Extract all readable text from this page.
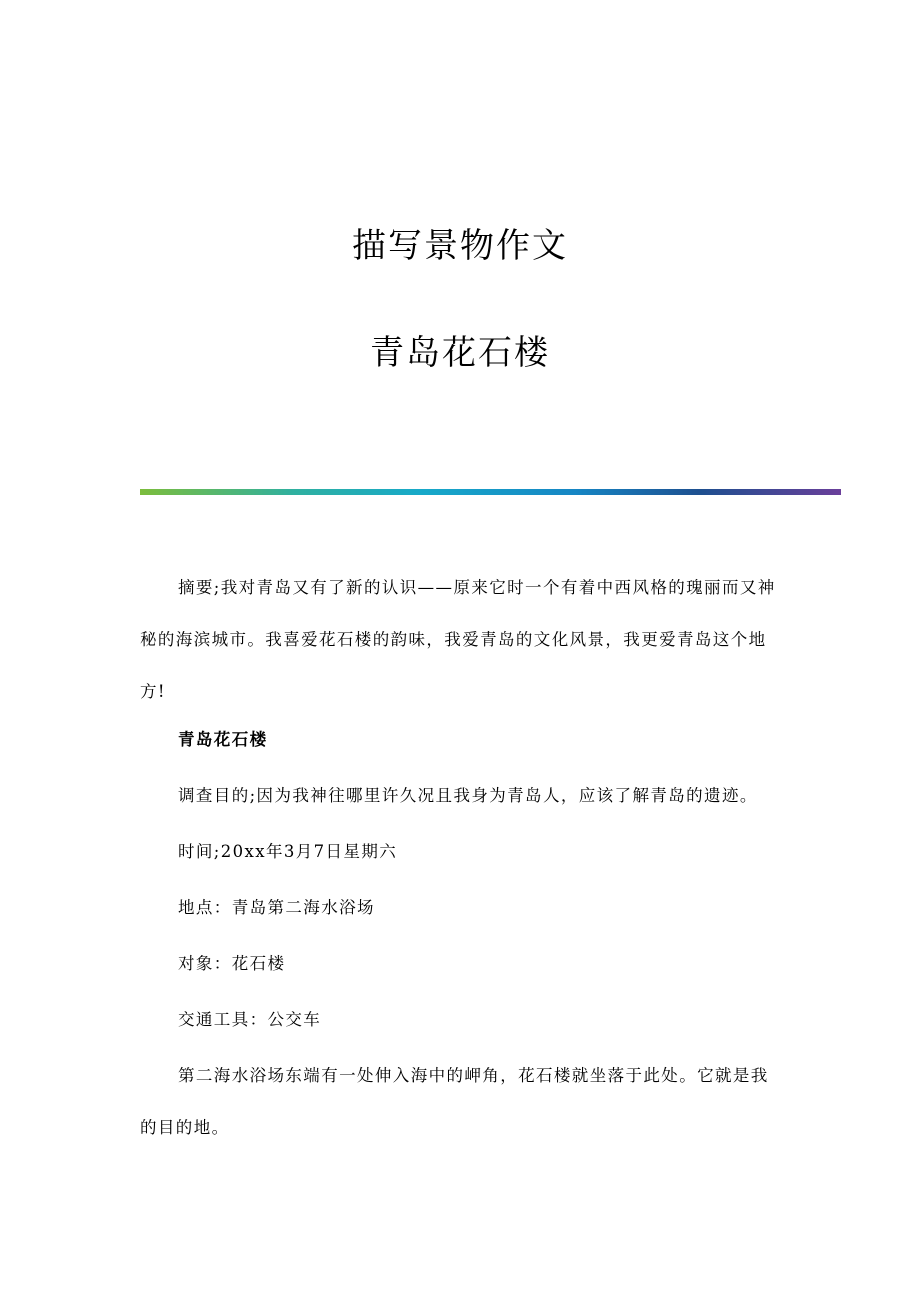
描写景物作文
青岛花石楼

摘要;我对青岛又有了新的认识——原来它时一个有着中西风格的瑰丽而又神秘的海滨城市。我喜爱花石楼的韵味，我爱青岛的文化风景，我更爱青岛这个地方!

青岛花石楼

调查目的;因为我神往哪里许久况且我身为青岛人，应该了解青岛的遗迹。

时间;20xx年3月7日星期六

地点：青岛第二海水浴场

对象：花石楼

交通工具：公交车

第二海水浴场东端有一处伸入海中的岬角，花石楼就坐落于此处。它就是我的目的地。
